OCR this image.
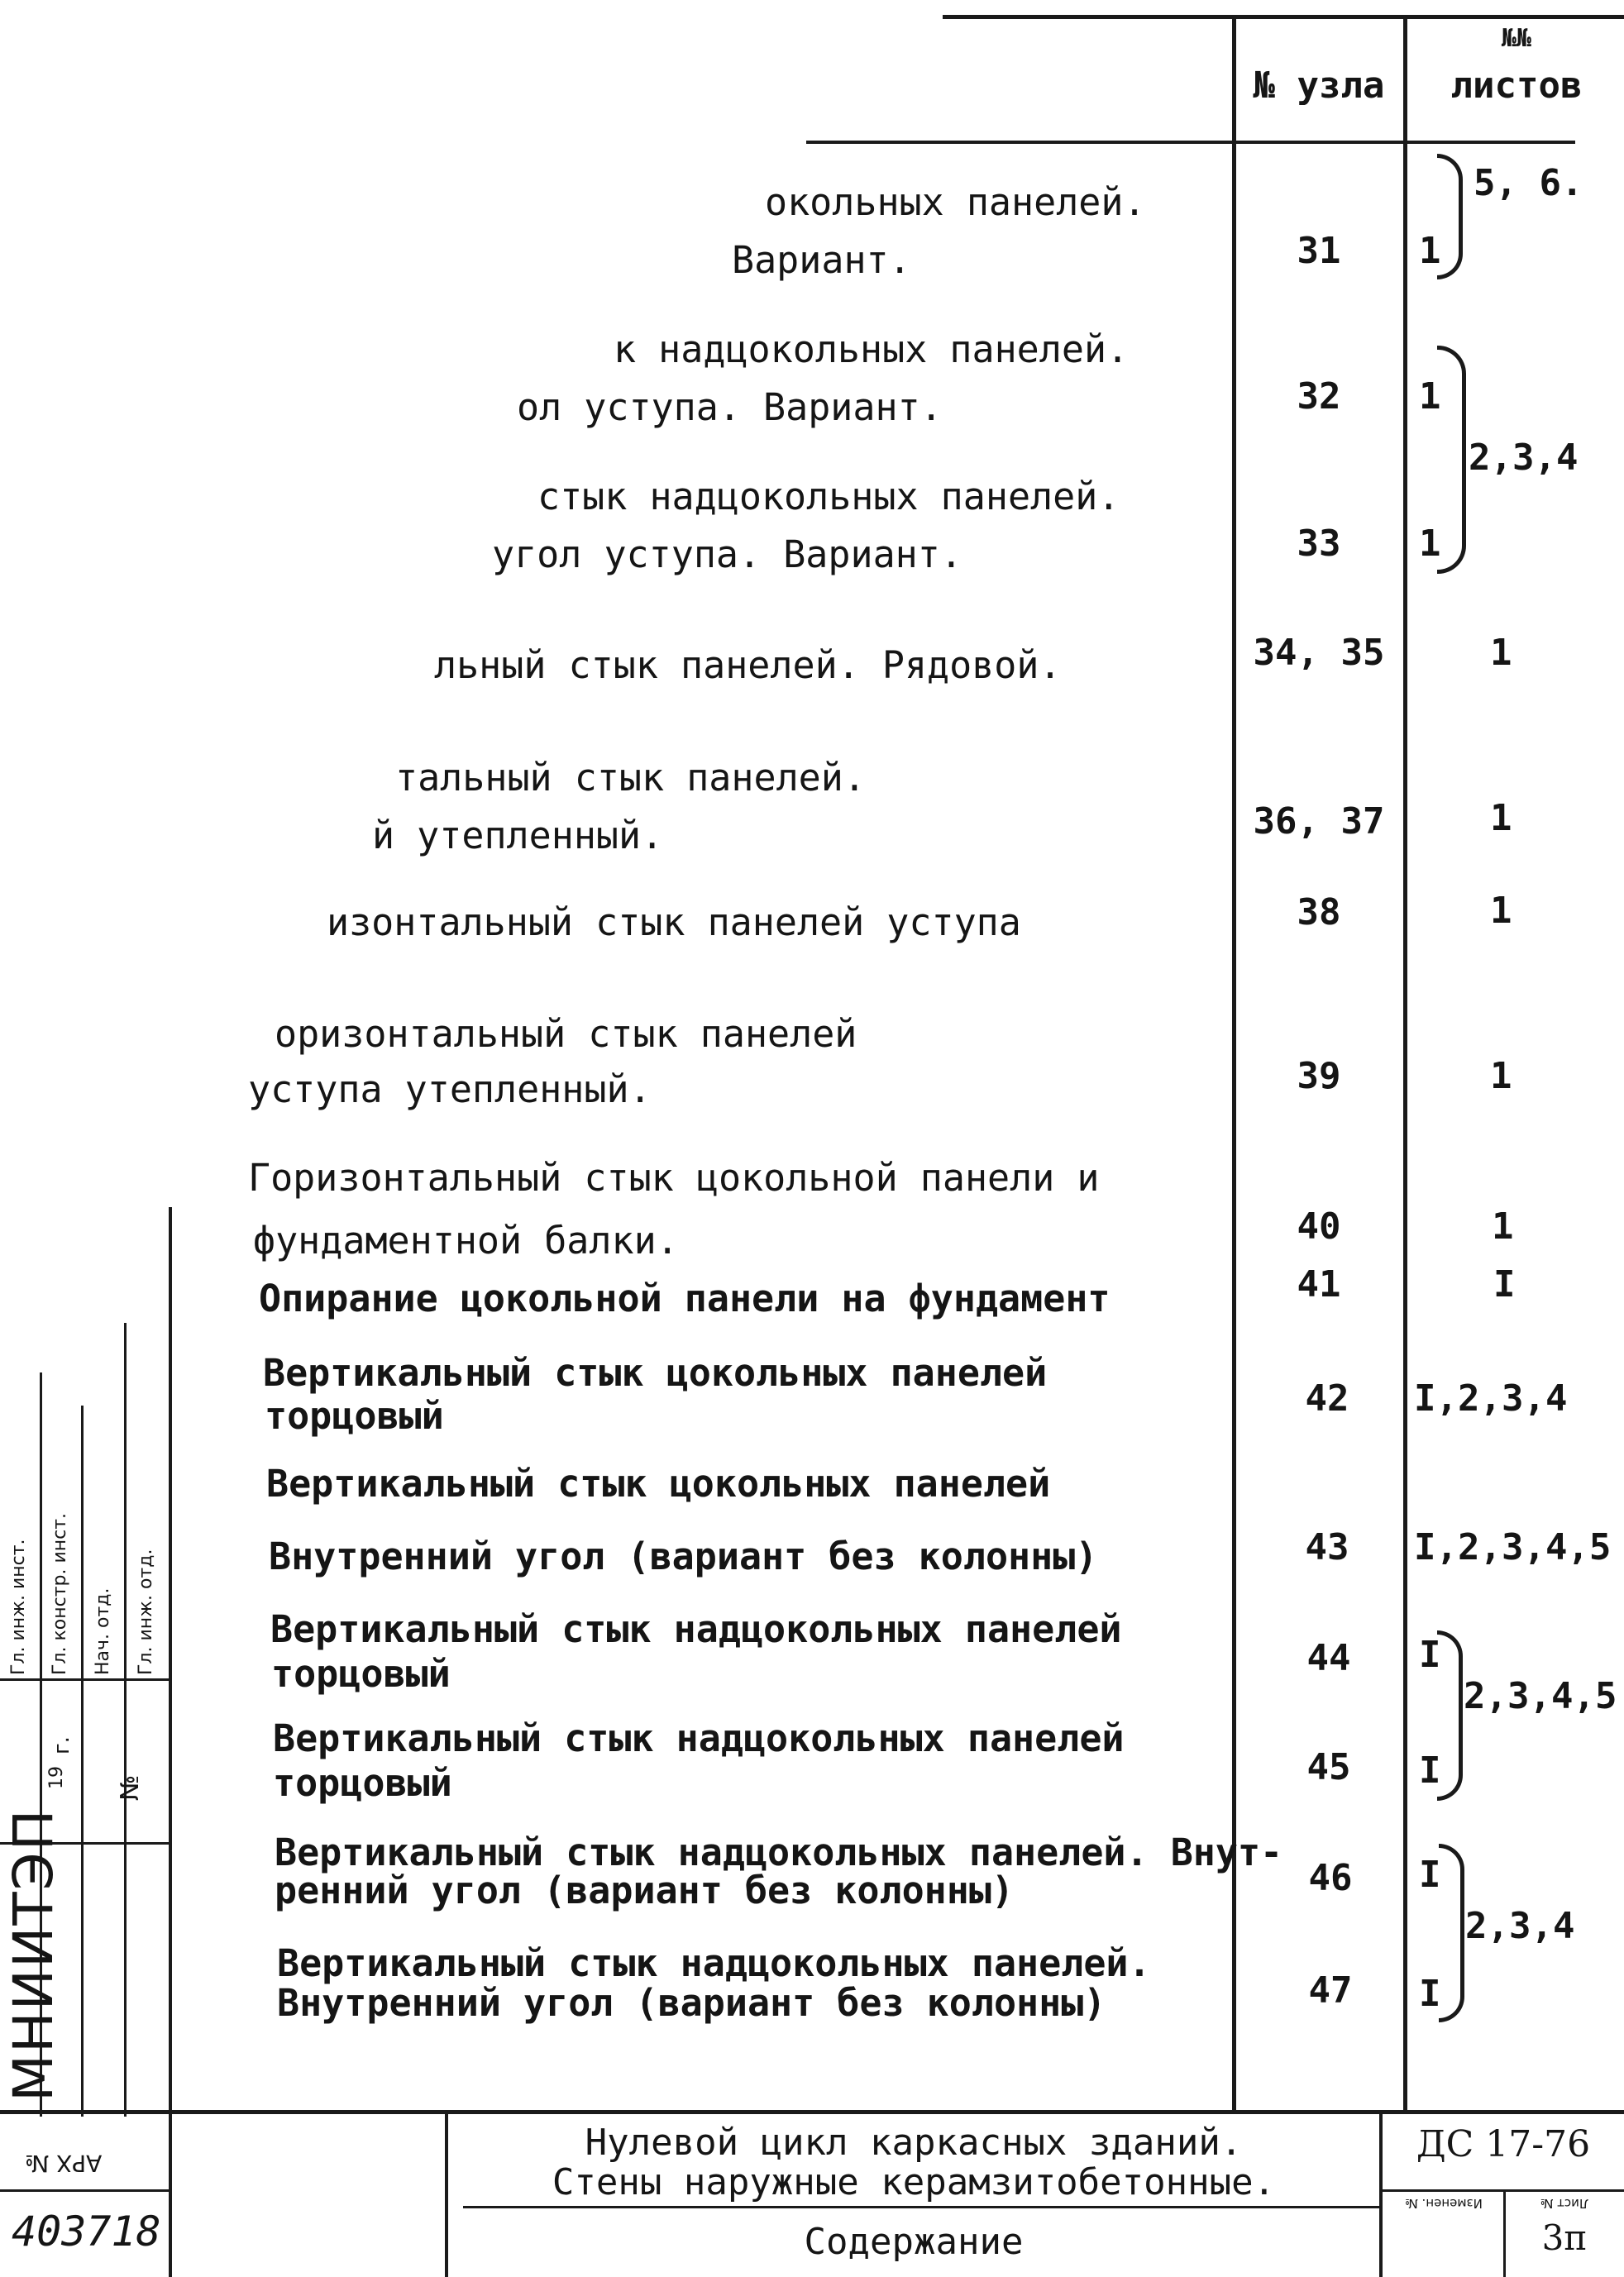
№ узла
№№
листов
окольных панелей.
Вариант.
к надцокольных панелей.
ол уступа. Вариант.
стык надцокольных панелей.
угол уступа. Вариант.
льный стык панелей. Рядовой.
тальный стык панелей.
й утепленный.
изонтальный стык панелей уступа
оризонтальный стык панелей
уступа утепленный.
Горизонтальный стык цокольной панели и
фундаментной балки.
Опирание цокольной панели на фундамент
Вертикальный стык цокольных панелей
торцовый
Вертикальный стык цокольных панелей
Внутренний угол (вариант без колонны)
Вертикальный стык надцокольных панелей
торцовый
Вертикальный стык надцокольных панелей
торцовый
Вертикальный стык надцокольных панелей. Внут-
ренний угол (вариант без колонны)
Вертикальный стык надцокольных панелей.
Внутренний угол (вариант без колонны)
31
32
33
34, 35
36, 37
38
39
40
41
42
43
44
45
46
47
1
5, 6.
1
1
2,3,4
1
1
1
1
1
I
I,2,3,4
I,2,3,4,5
I
I
2,3,4,5
I
I
2,3,4
Гл. инж. инст. Гл. констр. инст. Нач. отд. Гл. инж. отд.
19
г.
№
МНИИТЭП
АРХ №
403718
Нулевой цикл каркасных зданий.
Стены наружные керамзитобетонные.
Содержание
ДС 17-76
Изменен. №	Лист №
3п
